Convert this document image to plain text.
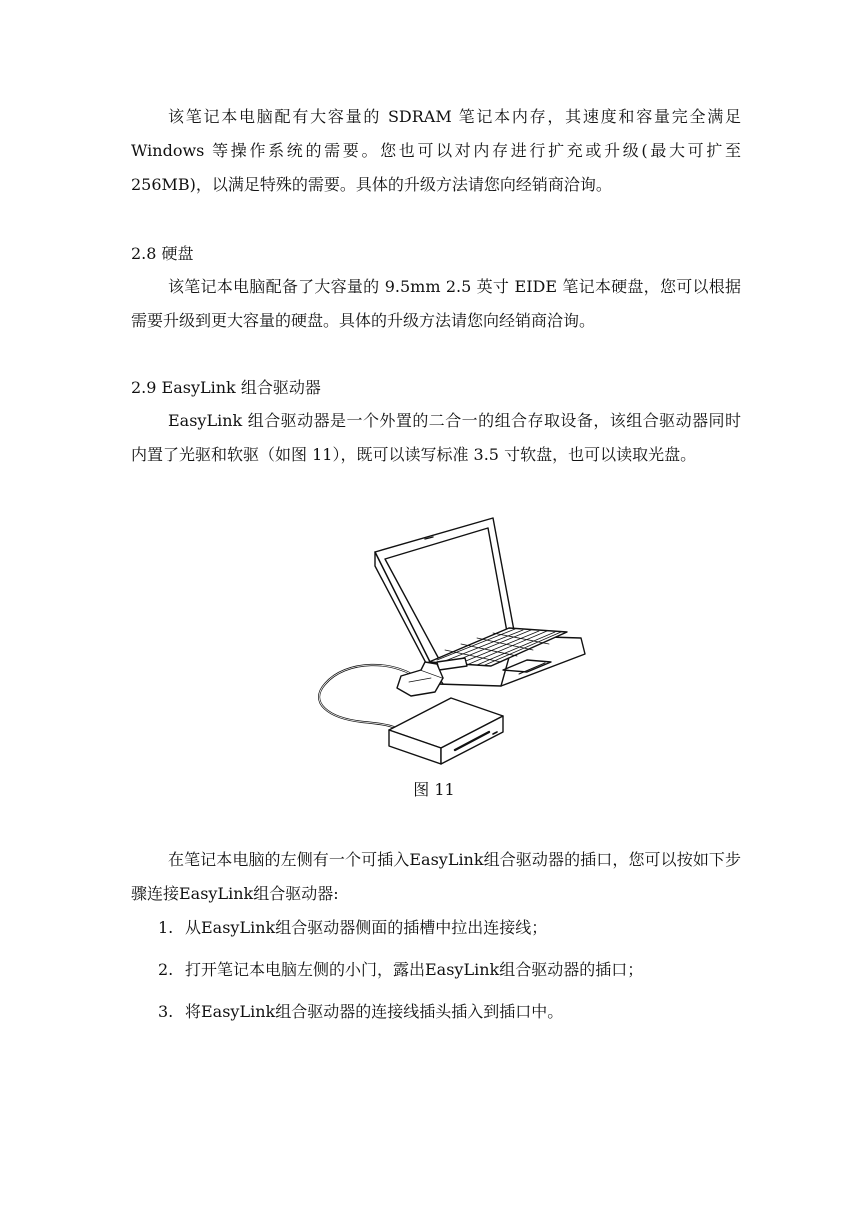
该笔记本电脑配有大容量的 SDRAM 笔记本内存，其速度和容量完全满足 Windows 等操作系统的需要。您也可以对内存进行扩充或升级(最大可扩至 256MB)，以满足特殊的需要。具体的升级方法请您向经销商洽询。

2.8 硬盘

该笔记本电脑配备了大容量的 9.5mm 2.5 英寸 EIDE 笔记本硬盘，您可以根据需要升级到更大容量的硬盘。具体的升级方法请您向经销商洽询。

2.9 EasyLink 组合驱动器

EasyLink 组合驱动器是一个外置的二合一的组合存取设备，该组合驱动器同时内置了光驱和软驱（如图 11），既可以读写标准 3.5 寸软盘，也可以读取光盘。

图 11

在笔记本电脑的左侧有一个可插入EasyLink组合驱动器的插口，您可以按如下步骤连接EasyLink组合驱动器:

1. 从EasyLink组合驱动器侧面的插槽中拉出连接线；

2. 打开笔记本电脑左侧的小门，露出EasyLink组合驱动器的插口；

3. 将EasyLink组合驱动器的连接线插头插入到插口中。
